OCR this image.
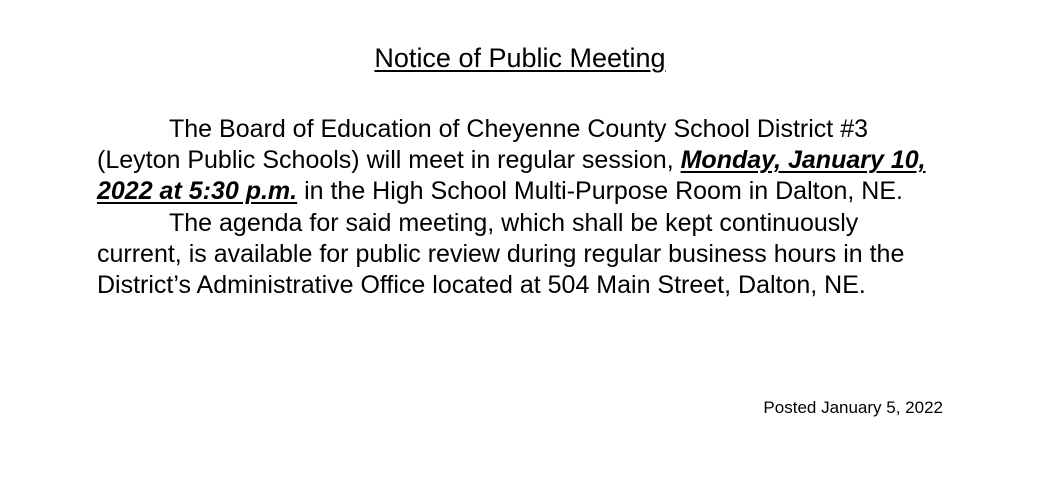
Notice of Public Meeting

The Board of Education of Cheyenne County School District #3 (Leyton Public Schools) will meet in regular session, Monday, January 10, 2022 at 5:30 p.m. in the High School Multi-Purpose Room in Dalton, NE.

The agenda for said meeting, which shall be kept continuously current, is available for public review during regular business hours in the District’s Administrative Office located at 504 Main Street, Dalton, NE.

Posted January 5, 2022
